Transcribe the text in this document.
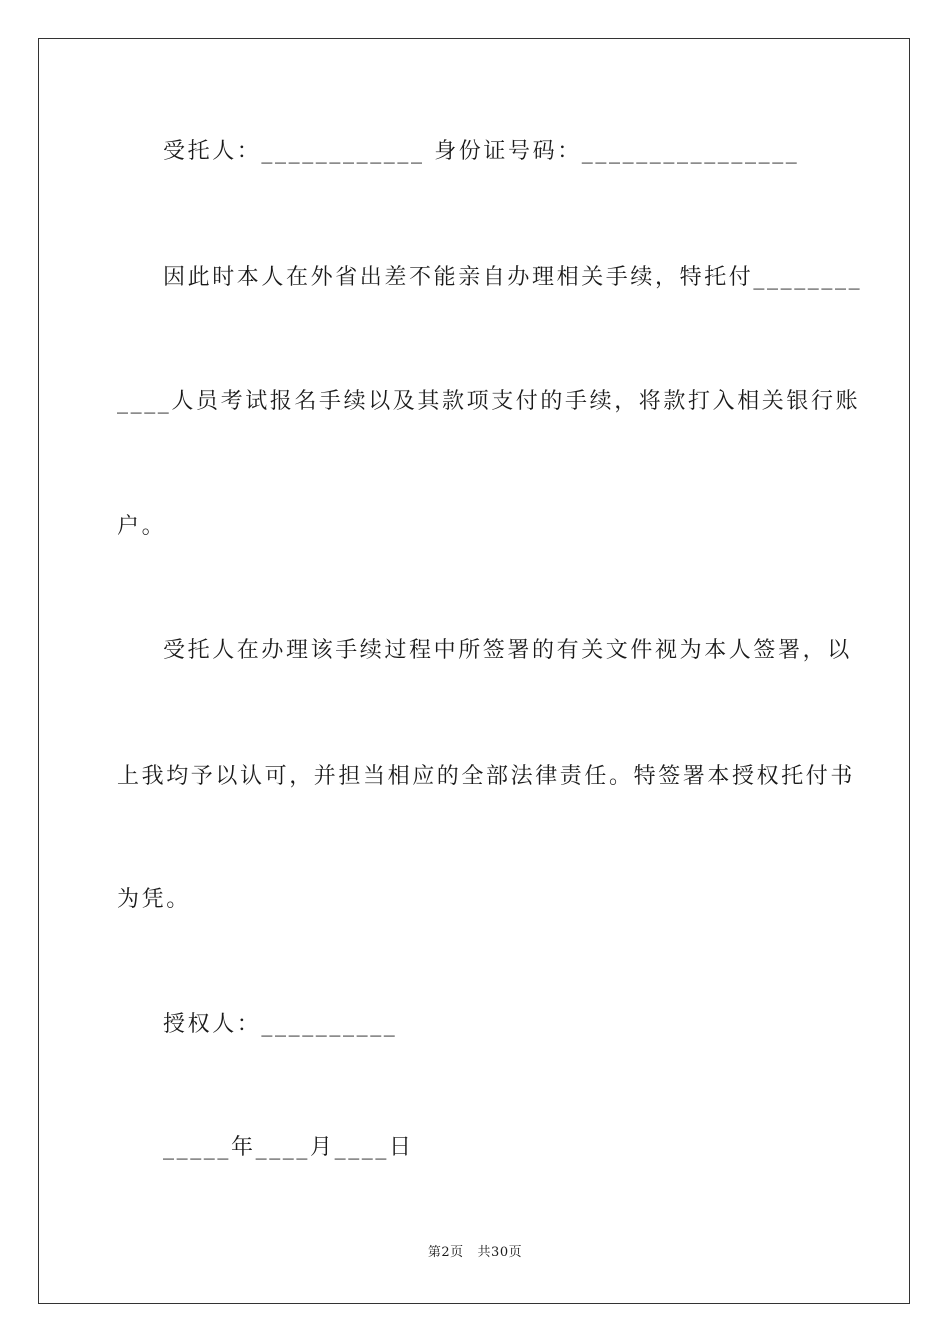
受托人：____________ 身份证号码：________________
因此时本人在外省出差不能亲自办理相关手续，特托付________
____人员考试报名手续以及其款项支付的手续，将款打入相关银行账
户。
受托人在办理该手续过程中所签署的有关文件视为本人签署，以
上我均予以认可，并担当相应的全部法律责任。特签署本授权托付书
为凭。
授权人：__________
_____年____月____日
第2页   共30页
